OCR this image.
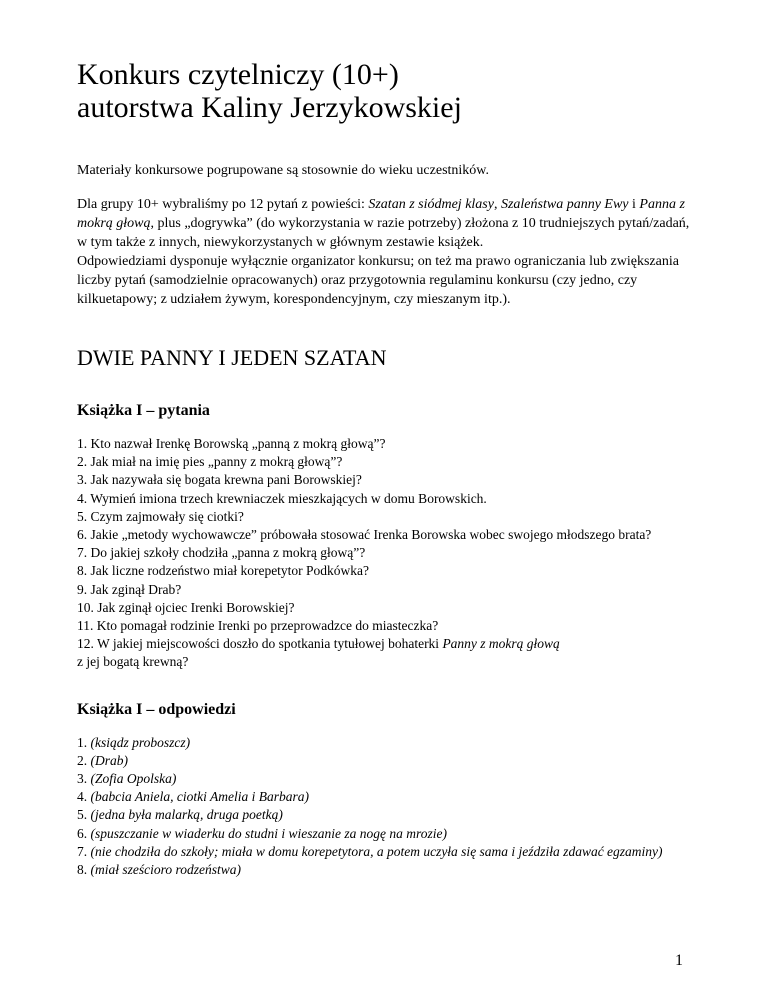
Konkurs czytelniczy (10+)
autorstwa Kaliny Jerzykowskiej

Materiały konkursowe pogrupowane są stosownie do wieku uczestników.

Dla grupy 10+ wybraliśmy po 12 pytań z powieści: Szatan z siódmej klasy, Szaleństwa panny Ewy i Panna z mokrą głową, plus „dogrywka” (do wykorzystania w razie potrzeby) złożona z 10 trudniejszych pytań/zadań, w tym także z innych, niewykorzystanych w głównym zestawie książek.

Odpowiedziami dysponuje wyłącznie organizator konkursu; on też ma prawo ograniczania lub zwiększania liczby pytań (samodzielnie opracowanych) oraz przygotownia regulaminu konkursu (czy jedno, czy kilkuetapowy; z udziałem żywym, korespondencyjnym, czy mieszanym itp.).

DWIE PANNY I JEDEN SZATAN
Książka I – pytania
1. Kto nazwał Irenkę Borowską „panną z mokrą głową”?
2. Jak miał na imię pies „panny z mokrą głową”?
3. Jak nazywała się bogata krewna pani Borowskiej?
4. Wymień imiona trzech krewniaczek mieszkających w domu Borowskich.
5. Czym zajmowały się ciotki?
6. Jakie „metody wychowawcze” próbowała stosować Irenka Borowska wobec swojego młodszego brata?
7. Do jakiej szkoły chodziła „panna z mokrą głową”?
8. Jak liczne rodzeństwo miał korepetytor Podkówka?
9. Jak zginął Drab?
10. Jak zginął ojciec Irenki Borowskiej?
11. Kto pomagał rodzinie Irenki po przeprowadzce do miasteczka?
12. W jakiej miejscowości doszło do spotkania tytułowej bohaterki Panny z mokrą głową
z jej bogatą krewną?
Książka I – odpowiedzi
1. (ksiądz proboszcz)
2. (Drab)
3. (Zofia Opolska)
4. (babcia Aniela, ciotki Amelia i Barbara)
5. (jedna była malarką, druga poetką)
6. (spuszczanie w wiaderku do studni i wieszanie za nogę na mrozie)
7. (nie chodziła do szkoły; miała w domu korepetytora, a potem uczyła się sama i jeździła zdawać egzaminy)
8. (miał sześcioro rodzeństwa)
1
